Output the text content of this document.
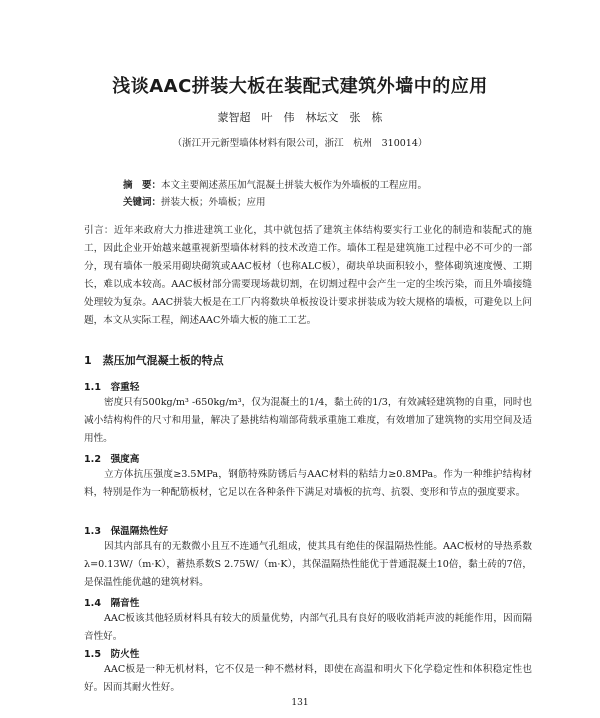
浅谈AAC拼装大板在装配式建筑外墙中的应用
蒙智超　叶　伟　林坛文　张　栋
（浙江开元新型墙体材料有限公司，浙江　杭州　310014）
摘　要：本文主要阐述蒸压加气混凝土拼装大板作为外墙板的工程应用。
关键词：拼装大板；外墙板；应用
引言：近年来政府大力推进建筑工业化，其中就包括了建筑主体结构要实行工业化的制造和装配式的施工，因此企业开始越来越重视新型墙体材料的技术改造工作。墙体工程是建筑施工过程中必不可少的一部分，现有墙体一般采用砌块砌筑或AAC板材（也称ALC板），砌块单块面积较小，整体砌筑速度慢、工期长，难以成本较高。AAC板材部分需要现场裁切割，在切割过程中会产生一定的尘埃污染，而且外墙接缝处理较为复杂。AAC拼装大板是在工厂内将数块单板按设计要求拼装成为较大规格的墙板，可避免以上问题，本文从实际工程，阐述AAC外墙大板的施工工艺。
1　蒸压加气混凝土板的特点
1.1　容重轻
密度只有500kg/m³ -650kg/m³，仅为混凝土的1/4，黏土砖的1/3，有效减轻建筑物的自重，同时也减小结构构件的尺寸和用量，解决了悬挑结构端部荷载承重施工难度，有效增加了建筑物的实用空间及适用性。
1.2　强度高
立方体抗压强度≥3.5MPa，钢筋特殊防锈后与AAC材料的粘结力≥0.8MPa。作为一种维护结构材料，特别是作为一种配筋板材，它足以在各种条件下满足对墙板的抗弯、抗裂、变形和节点的强度要求。
1.3　保温隔热性好
因其内部具有的无数微小且互不连通气孔组成，使其具有绝佳的保温隔热性能。AAC板材的导热系数λ=0.13W/（m·K），蓄热系数S 2.75W/（m·K），其保温隔热性能优于普通混凝土10倍，黏土砖的7倍，是保温性能优越的建筑材料。
1.4　隔音性
AAC板该其他轻质材料具有较大的质量优势，内部气孔具有良好的吸收消耗声波的耗能作用，因而隔音性好。
1.5　防火性
AAC板是一种无机材料，它不仅是一种不燃材料，即使在高温和明火下化学稳定性和体积稳定性也好。因而其耐火性好。
131
